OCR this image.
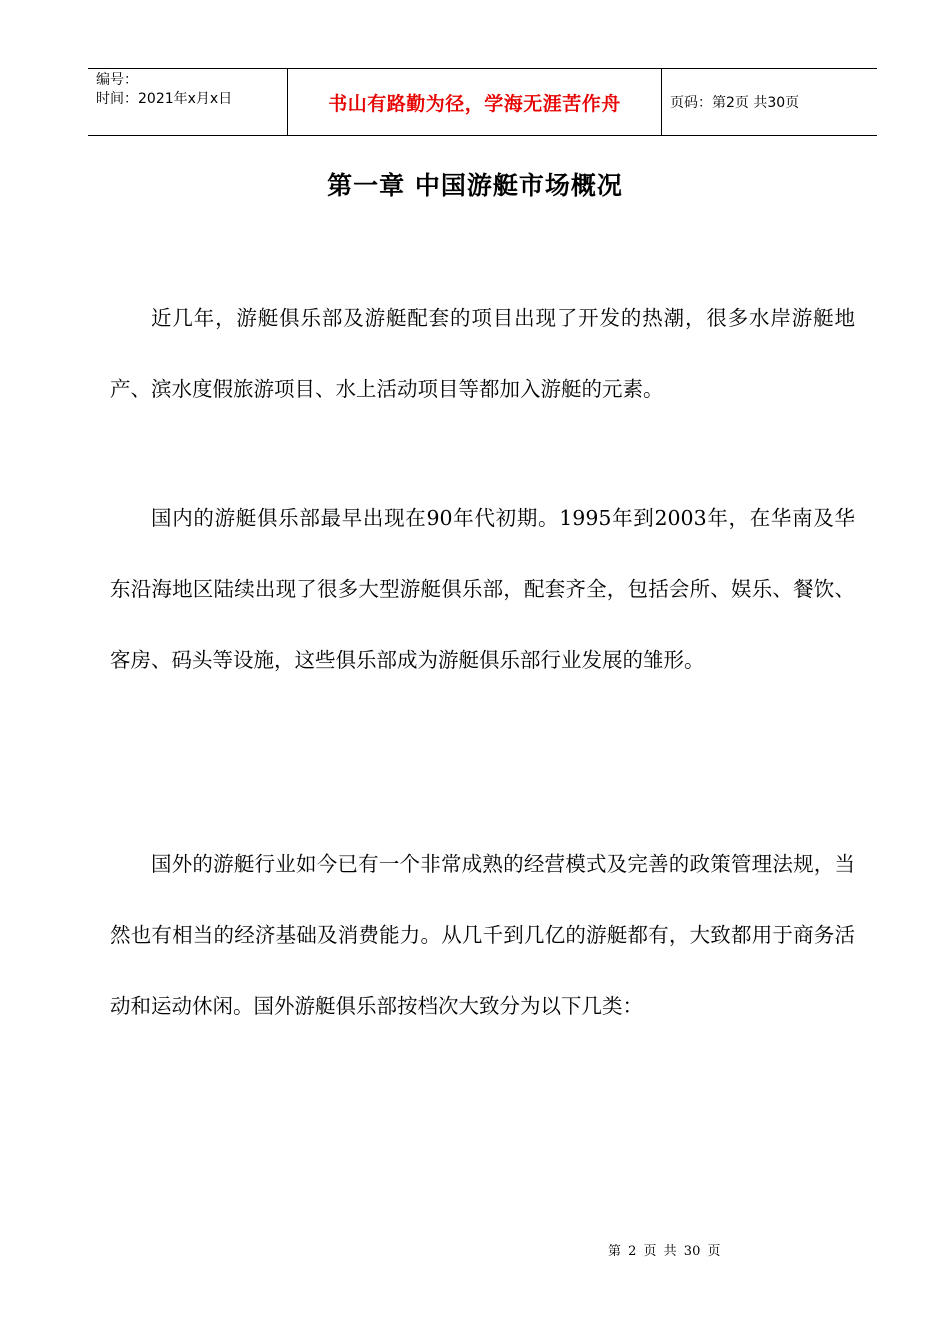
编号：
时间：2021年x月x日	书山有路勤为径，学海无涯苦作舟	页码：第2页 共30页
第一章 中国游艇市场概况

近几年，游艇俱乐部及游艇配套的项目出现了开发的热潮，很多水岸游艇地产、滨水度假旅游项目、水上活动项目等都加入游艇的元素。

国内的游艇俱乐部最早出现在90年代初期。1995年到2003年，在华南及华东沿海地区陆续出现了很多大型游艇俱乐部，配套齐全，包括会所、娱乐、餐饮、客房、码头等设施，这些俱乐部成为游艇俱乐部行业发展的雏形。

国外的游艇行业如今已有一个非常成熟的经营模式及完善的政策管理法规，当然也有相当的经济基础及消费能力。从几千到几亿的游艇都有，大致都用于商务活动和运动休闲。国外游艇俱乐部按档次大致分为以下几类：

第 2 页 共 30 页
